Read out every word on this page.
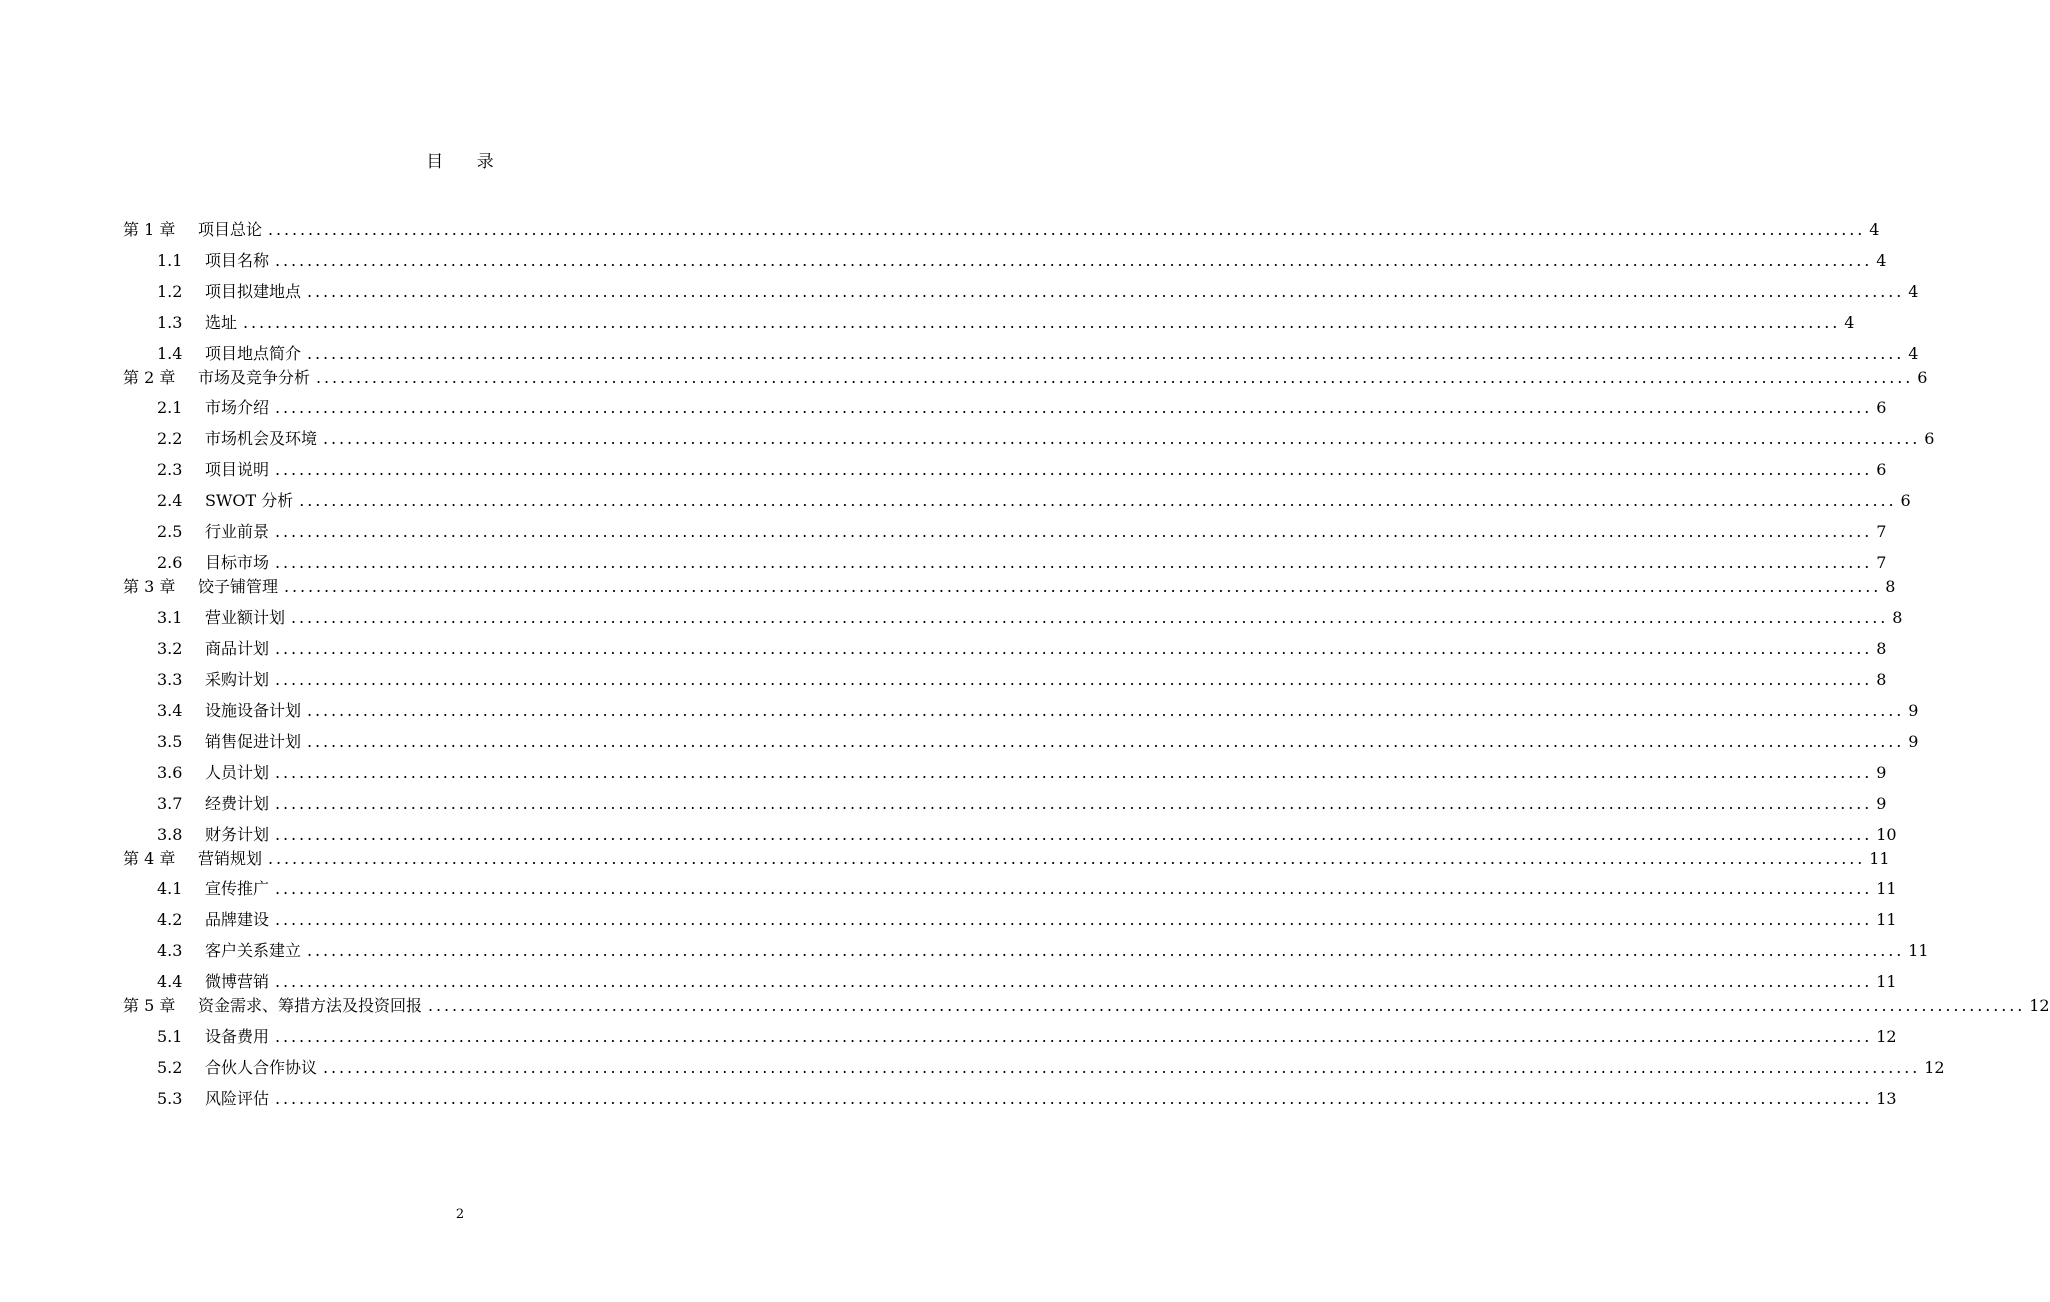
目 录
第 1 章 项目总论 ........................................................................................................................................................................................................ 4
1.1 项目名称 ........................................................................................................................................................................................................ 4
1.2 项目拟建地点 ........................................................................................................................................................................................................ 4
1.3 选址 ........................................................................................................................................................................................................ 4
1.4 项目地点简介 ........................................................................................................................................................................................................ 4
第 2 章 市场及竞争分析 ........................................................................................................................................................................................................ 6
2.1 市场介绍 ........................................................................................................................................................................................................ 6
2.2 市场机会及环境 ........................................................................................................................................................................................................ 6
2.3 项目说明 ........................................................................................................................................................................................................ 6
2.4 SWOT 分析 ........................................................................................................................................................................................................ 6
2.5 行业前景 ........................................................................................................................................................................................................ 7
2.6 目标市场 ........................................................................................................................................................................................................ 7
第 3 章 饺子铺管理 ........................................................................................................................................................................................................ 8
3.1 营业额计划 ........................................................................................................................................................................................................ 8
3.2 商品计划 ........................................................................................................................................................................................................ 8
3.3 采购计划 ........................................................................................................................................................................................................ 8
3.4 设施设备计划 ........................................................................................................................................................................................................ 9
3.5 销售促进计划 ........................................................................................................................................................................................................ 9
3.6 人员计划 ........................................................................................................................................................................................................ 9
3.7 经费计划 ........................................................................................................................................................................................................ 9
3.8 财务计划 ........................................................................................................................................................................................................ 10
第 4 章 营销规划 ........................................................................................................................................................................................................ 11
4.1 宣传推广 ........................................................................................................................................................................................................ 11
4.2 品牌建设 ........................................................................................................................................................................................................ 11
4.3 客户关系建立 ........................................................................................................................................................................................................ 11
4.4 微博营销 ........................................................................................................................................................................................................ 11
第 5 章 资金需求、筹措方法及投资回报 ........................................................................................................................................................................................................ 12
5.1 设备费用 ........................................................................................................................................................................................................ 12
5.2 合伙人合作协议 ........................................................................................................................................................................................................ 12
5.3 风险评估 ........................................................................................................................................................................................................ 13
2
